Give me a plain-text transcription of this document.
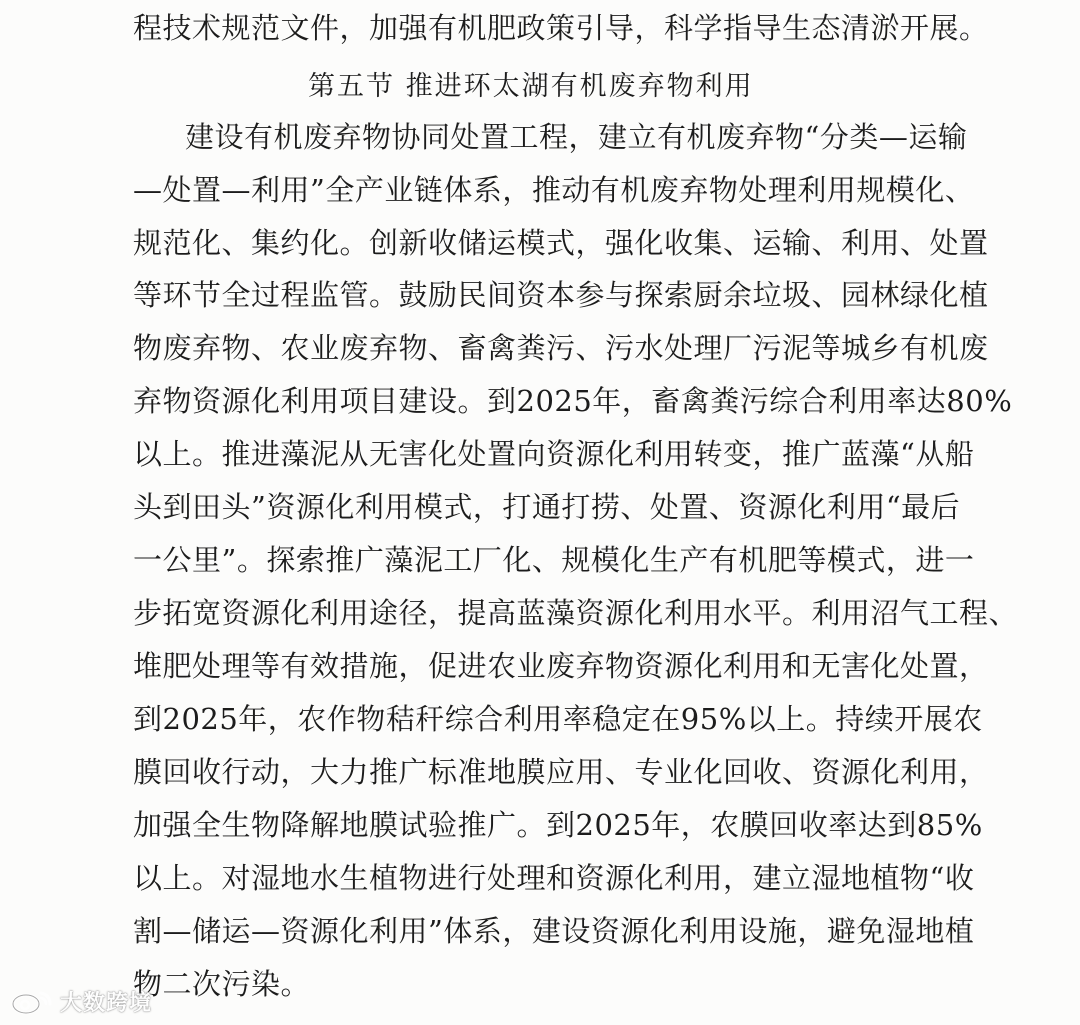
程技术规范文件，加强有机肥政策引导，科学指导生态清淤开展。

第五节 推进环太湖有机废弃物利用

建设有机废弃物协同处置工程，建立有机废弃物“分类—运输

—处置—利用”全产业链体系，推动有机废弃物处理利用规模化、

规范化、集约化。创新收储运模式，强化收集、运输、利用、处置

等环节全过程监管。鼓励民间资本参与探索厨余垃圾、园林绿化植

物废弃物、农业废弃物、畜禽粪污、污水处理厂污泥等城乡有机废

弃物资源化利用项目建设。到2025年，畜禽粪污综合利用率达80%

以上。推进藻泥从无害化处置向资源化利用转变，推广蓝藻“从船

头到田头”资源化利用模式，打通打捞、处置、资源化利用“最后

一公里”。探索推广藻泥工厂化、规模化生产有机肥等模式，进一

步拓宽资源化利用途径，提高蓝藻资源化利用水平。利用沼气工程、

堆肥处理等有效措施，促进农业废弃物资源化利用和无害化处置，

到2025年，农作物秸秆综合利用率稳定在95%以上。持续开展农

膜回收行动，大力推广标准地膜应用、专业化回收、资源化利用，

加强全生物降解地膜试验推广。到2025年，农膜回收率达到85%

以上。对湿地水生植物进行处理和资源化利用，建立湿地植物“收

割—储运—资源化利用”体系，建设资源化利用设施，避免湿地植

物二次污染。

大数跨境
